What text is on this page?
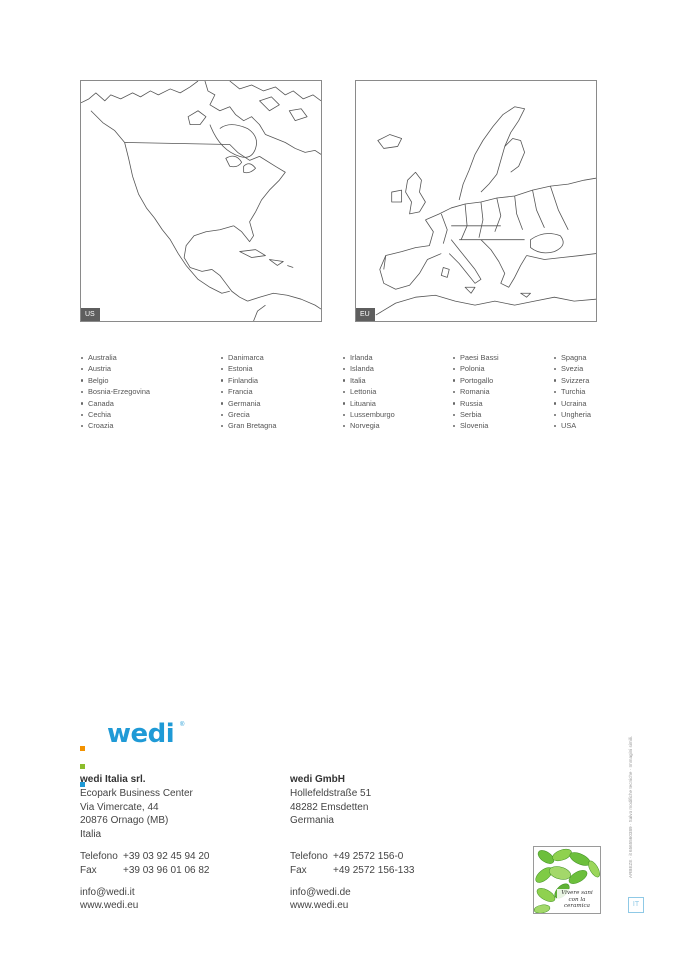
US	EU
Australia
Austria
Belgio
Bosnia-Erzegovina
Canada
Cechia
Croazia
Danimarca
Estonia
Finlandia
Francia
Germania
Grecia
Gran Bretagna
Irlanda
Islanda
Italia
Lettonia
Lituania
Lussemburgo
Norvegia
Paesi Bassi
Polonia
Portogallo
Romania
Russia
Serbia
Slovenia
Spagna
Svezia
Svizzera
Turchia
Ucraina
Ungheria
USA
wedi ®
wedi Italia srl.
Ecopark Business Center
Via Vimercate, 44
20876 Ornago (MB)
Italia
Telefono +39 03 92 45 94 20
Fax	+39 03 96 01 06 82
info@wedi.it
www.wedi.eu
wedi GmbH
Hollefeldstraße 51
48282 Emsdetten
Germania
Telefono +49 2572 156-0
Fax	+49 2572 156-133
info@wedi.de
www.wedi.eu
Vivere sani
con la
ceramica
ARBEZE · it 6565560389 · Salvo modifiche tecniche · Immagini simili.
IT
